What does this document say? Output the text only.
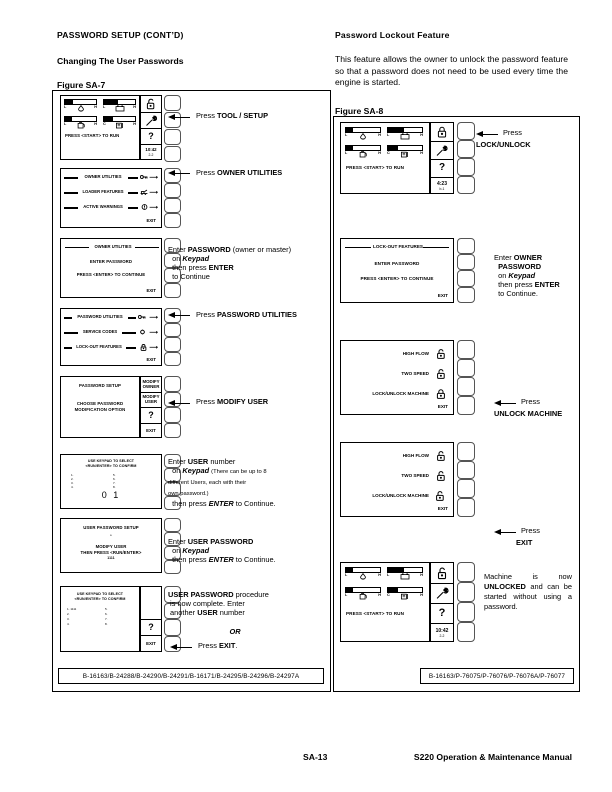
PASSWORD SETUP (CONT’D)
Changing The User Passwords
Figure SA-7
Password Lockout Feature
This feature allows the owner to unlock the password feature so that a password does not need to be used every time the engine is started.
Figure SA-8
B-16163/B-24288/B-24290/B-24291/B-16171/B-24295/B-24296/B-24297A
L	H L	H
L	H C	H
PRESS <START> TO RUN	?
10:42
2-2
Press TOOL / SETUP
OWNER UTILITIES	⟶
LOADER FEATURES	⟶
ACTIVE WARNINGS	⟶
EXIT
Press OWNER UTILITIES
OWNER UTILITIES
ENTER PASSWORD
PRESS <ENTER> TO CONTINUE
EXIT
Enter PASSWORD (owner or master)
on Keypad
then press ENTER
to Continue
PASSWORD UTILITIES	⟶
SERVICE CODES	⟶
LOCK-OUT FEATURES	⟶
EXIT
Press PASSWORD UTILITIES
PASSWORD SETUP
CHOOSE PASSWORD
MODIFICATION OPTION
MODIFY OWNER
MODIFY USER
?
EXIT
Press MODIFY USER
USE KEYPAD TO SELECT
<RUN/ENTER> TO CONFIRM
1.
2.
3.
4.
5.
6.
7.
8.
0 1
Enter USER number
on Keypad (There can be up to 8
different Users, each with their
own password.)
then press ENTER to Continue.
USER PASSWORD SETUP
*
MODIFY USER
THEN PRESS <RUN/ENTER>
1111
Enter USER PASSWORD
on Keypad
then press ENTER to Continue.
USE KEYPAD TO SELECT
<RUN/ENTER> TO CONFIRM
1. 1111
2.
3.
4.
5.
6.
7.
8.	?
EXIT
USER PASSWORD procedure
is now complete. Enter
another USER number
OR
Press EXIT.
B-16163/P-76075/P-76076/P-76076A/P-76077
L	H L	H
L	H C	H
PRESS <START> TO RUN	?
4:23
b-1
Press
LOCK/UNLOCK
LOCK-OUT FEATURES
ENTER PASSWORD
PRESS <ENTER> TO CONTINUE
EXIT
Enter OWNER
PASSWORD
on Keypad
then press ENTER
to Continue.
HIGH FLOW
TWO SPEED
LOCK/UNLOCK MACHINE
EXIT
Press
UNLOCK MACHINE
HIGH FLOW
TWO SPEED
LOCK/UNLOCK MACHINE
EXIT
Press
EXIT
L	H L	H
L	H C	H
PRESS <START> TO RUN	?
10:42
2-2
Machine is now UNLOCKED and can be started without using a password.
SA-13	S220 Operation & Maintenance Manual
